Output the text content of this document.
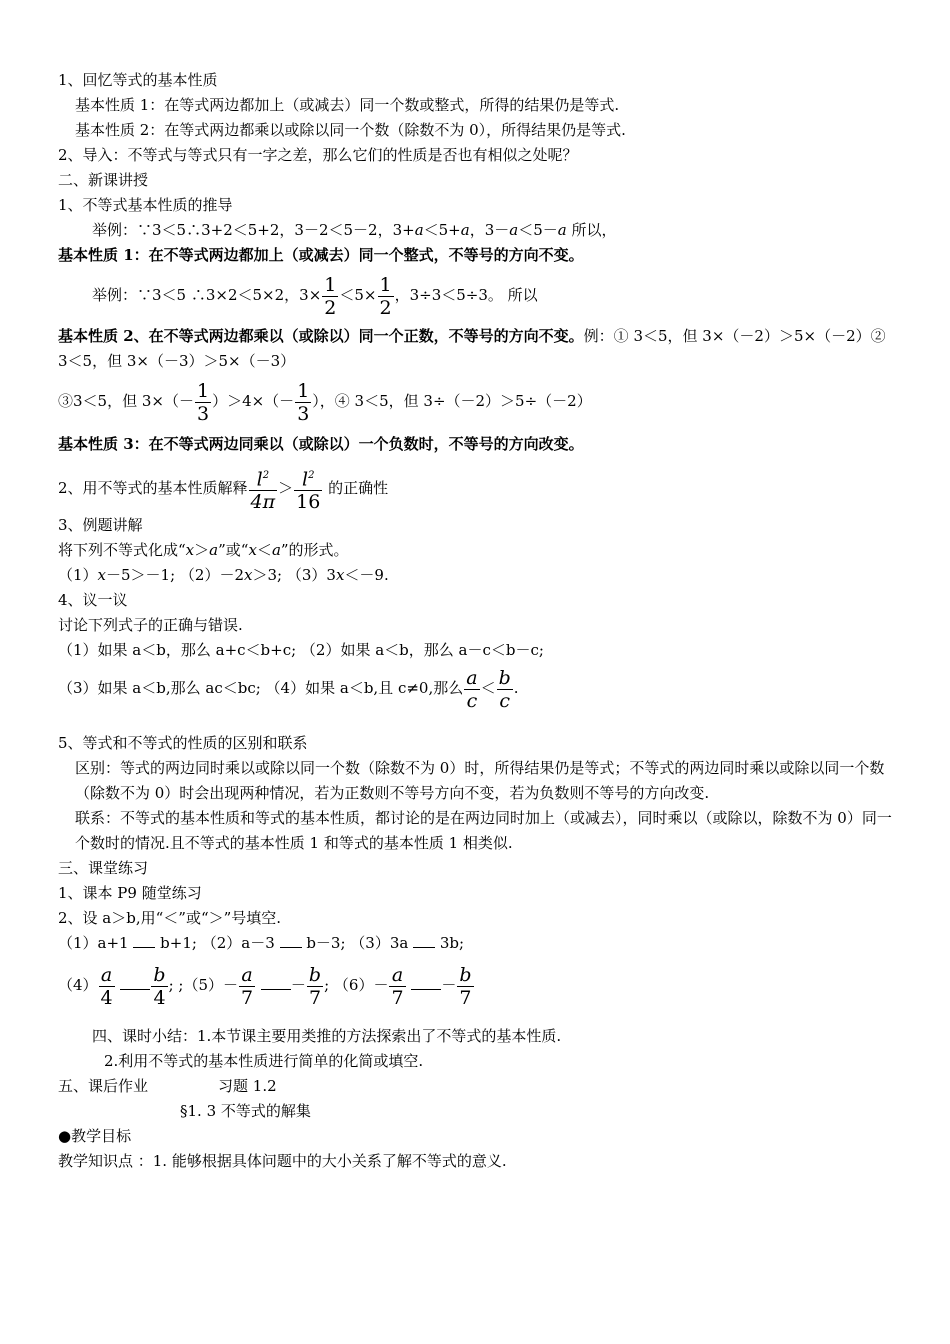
1、回忆等式的基本性质
基本性质 1：在等式两边都加上（或减去）同一个数或整式，所得的结果仍是等式.
基本性质 2：在等式两边都乘以或除以同一个数（除数不为 0），所得结果仍是等式.
2、导入：不等式与等式只有一字之差，那么它们的性质是否也有相似之处呢？
二、新课讲授
1、不等式基本性质的推导
举例：∵3＜5∴3+2＜5+2，3－2＜5－2，3+a＜5+a，3－a＜5－a 所以，
基本性质 1：在不等式两边都加上（或减去）同一个整式，不等号的方向不变。
举例：∵3＜5 ∴3×2＜5×2，$3\times \frac{1}{2} <5\times \frac{1}{2}$ ，3÷3＜5÷3。 所以
基本性质 2、在不等式两边都乘以（或除以）同一个正数，不等号的方向不变。例：① 3＜5，但 3×（－2）＞5×（－2）② 3＜5，但 3×（－3）＞5×（－3）
③3＜5，但 $3\times(- \frac{1}{3} )>4\times(- \frac{1}{3}$ ），④ 3＜5，但 3÷（－2）＞5÷（－2）
基本性质 3：在不等式两边同乘以（或除以）一个负数时，不等号的方向改变。
2、用不等式的基本性质解释 $\frac{l^2}{4\pi} > \frac{l^2}{16}$ 的正确性
3、例题讲解
将下列不等式化成“x＞a”或“x＜a”的形式。
（1）x－5＞－1; （2）－2x＞3; （3）3x＜－9.
4、议一议
讨论下列式子的正确与错误.
（1）如果 a＜b，那么 a+c＜b+c; （2）如果 a＜b，那么 a－c＜b－c;
（3）如果 a＜b,那么 ac＜bc; （4）如果 a＜b,且 c≠0,那么 $\frac{a}{c} < \frac{b}{c}$ .
5、等式和不等式的性质的区别和联系
区别：等式的两边同时乘以或除以同一个数（除数不为 0）时，所得结果仍是等式；不等式的两边同时乘以或除以同一个数（除数不为 0）时会出现两种情况，若为正数则不等号方向不变，若为负数则不等号的方向改变.
联系：不等式的基本性质和等式的基本性质，都讨论的是在两边同时加上（或减去），同时乘以（或除以，除数不为 0）同一个数时的情况.且不等式的基本性质 1 和等式的基本性质 1 相类似.
三、课堂练习
1、课本 P9 随堂练习
2、设 a＞b,用“＜”或“＞”号填空.
（1）a+1 b+1; （2）a－3 b－3; （3）3a 3b;
$(4) \frac{a}{4}$
$\frac{b}{4}$ ; ;（5）－ $\frac{a}{7} - \frac{b}{7}$ ; $(6)- \frac{a}{7} - \frac{b}{7}$
四、课时小结：1.本节课主要用类推的方法探索出了不等式的基本性质.
2.利用不等式的基本性质进行简单的化简或填空.
五、课后作业	习题 1.2
§1. 3 不等式的解集
●教学目标
教学知识点 ：1. 能够根据具体问题中的大小关系了解不等式的意义.
